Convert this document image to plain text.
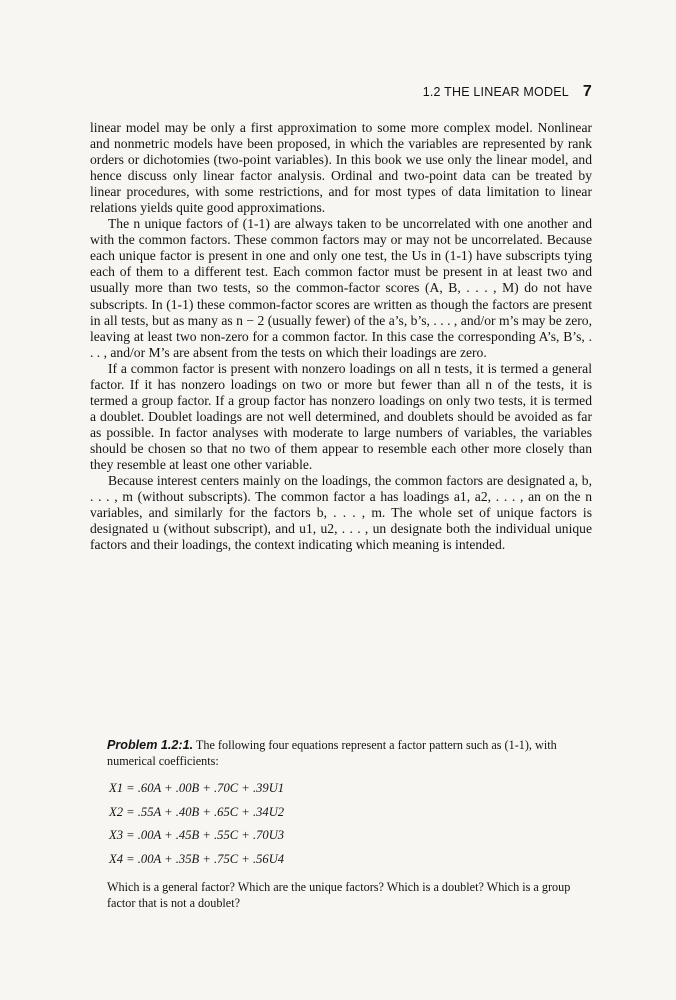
1.2 THE LINEAR MODEL 7

linear model may be only a first approximation to some more complex model. Nonlinear and nonmetric models have been proposed, in which the variables are represented by rank orders or dichotomies (two-point variables). In this book we use only the linear model, and hence discuss only linear factor analysis. Ordinal and two-point data can be treated by linear procedures, with some restrictions, and for most types of data limitation to linear relations yields quite good approximations.

The n unique factors of (1-1) are always taken to be uncorrelated with one another and with the common factors. These common factors may or may not be uncorrelated. Because each unique factor is present in one and only one test, the Us in (1-1) have subscripts tying each of them to a different test. Each common factor must be present in at least two and usually more than two tests, so the common-factor scores (A, B, . . . , M) do not have subscripts. In (1-1) these common-factor scores are written as though the factors are present in all tests, but as many as n − 2 (usually fewer) of the a’s, b’s, . . . , and/or m’s may be zero, leaving at least two non-zero for a common factor. In this case the corresponding A’s, B’s, . . . , and/or M’s are absent from the tests on which their loadings are zero.

If a common factor is present with nonzero loadings on all n tests, it is termed a general factor. If it has nonzero loadings on two or more but fewer than all n of the tests, it is termed a group factor. If a group factor has nonzero loadings on only two tests, it is termed a doublet. Doublet loadings are not well determined, and doublets should be avoided as far as possible. In factor analyses with moderate to large numbers of variables, the variables should be chosen so that no two of them appear to resemble each other more closely than they resemble at least one other variable.

Because interest centers mainly on the loadings, the common factors are designated a, b, . . . , m (without subscripts). The common factor a has loadings a1, a2, . . . , an on the n variables, and similarly for the factors b, . . . , m. The whole set of unique factors is designated u (without subscript), and u1, u2, . . . , un designate both the individual unique factors and their loadings, the context indicating which meaning is intended.

Problem 1.2:1. The following four equations represent a factor pattern such as (1-1), with numerical coefficients:
X1 = .60A + .00B + .70C + .39U1
X2 = .55A + .40B + .65C + .34U2
X3 = .00A + .45B + .55C + .70U3
X4 = .00A + .35B + .75C + .56U4
Which is a general factor? Which are the unique factors? Which is a doublet? Which is a group factor that is not a doublet?
